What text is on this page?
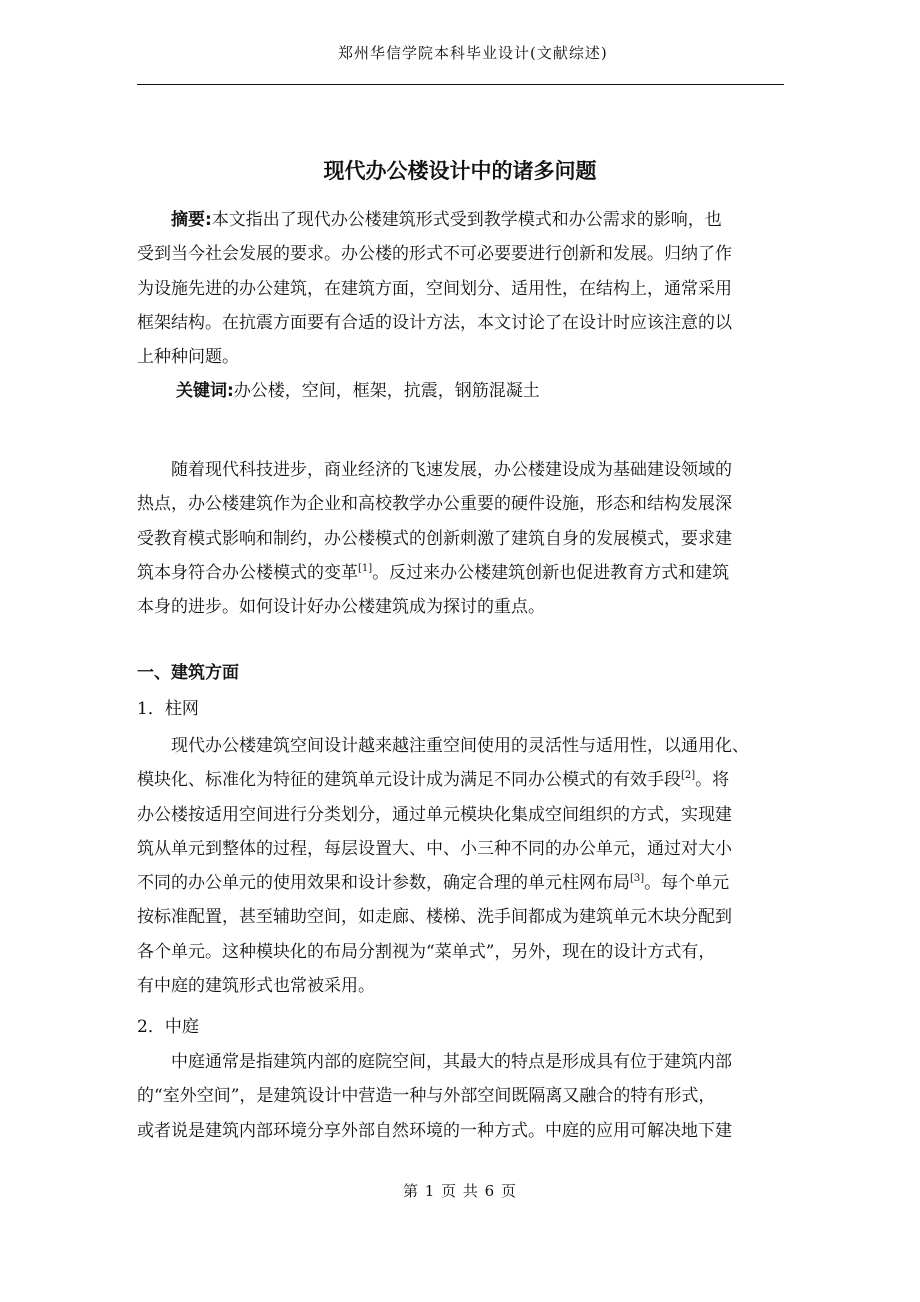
郑州华信学院本科毕业设计(文献综述)
现代办公楼设计中的诸多问题
摘要:本文指出了现代办公楼建筑形式受到教学模式和办公需求的影响，也
受到当今社会发展的要求。办公楼的形式不可必要要进行创新和发展。归纳了作
为设施先进的办公建筑，在建筑方面，空间划分、适用性，在结构上，通常采用
框架结构。在抗震方面要有合适的设计方法，本文讨论了在设计时应该注意的以
上种种问题。
关键词:办公楼，空间，框架，抗震，钢筋混凝土
随着现代科技进步，商业经济的飞速发展，办公楼建设成为基础建设领域的
热点，办公楼建筑作为企业和高校教学办公重要的硬件设施，形态和结构发展深
受教育模式影响和制约，办公楼模式的创新刺激了建筑自身的发展模式，要求建
筑本身符合办公楼模式的变革[1]。反过来办公楼建筑创新也促进教育方式和建筑
本身的进步。如何设计好办公楼建筑成为探讨的重点。
一、建筑方面
1．柱网
现代办公楼建筑空间设计越来越注重空间使用的灵活性与适用性，以通用化、
模块化、标准化为特征的建筑单元设计成为满足不同办公模式的有效手段[2]。将
办公楼按适用空间进行分类划分，通过单元模块化集成空间组织的方式，实现建
筑从单元到整体的过程，每层设置大、中、小三种不同的办公单元，通过对大小
不同的办公单元的使用效果和设计参数，确定合理的单元柱网布局[3]。每个单元
按标准配置，甚至辅助空间，如走廊、楼梯、洗手间都成为建筑单元木块分配到
各个单元。这种模块化的布局分割视为“菜单式”，另外，现在的设计方式有，
有中庭的建筑形式也常被采用。
2．中庭
中庭通常是指建筑内部的庭院空间，其最大的特点是形成具有位于建筑内部
的“室外空间”，是建筑设计中营造一种与外部空间既隔离又融合的特有形式，
或者说是建筑内部环境分享外部自然环境的一种方式。中庭的应用可解决地下建
第 1 页 共 6 页
